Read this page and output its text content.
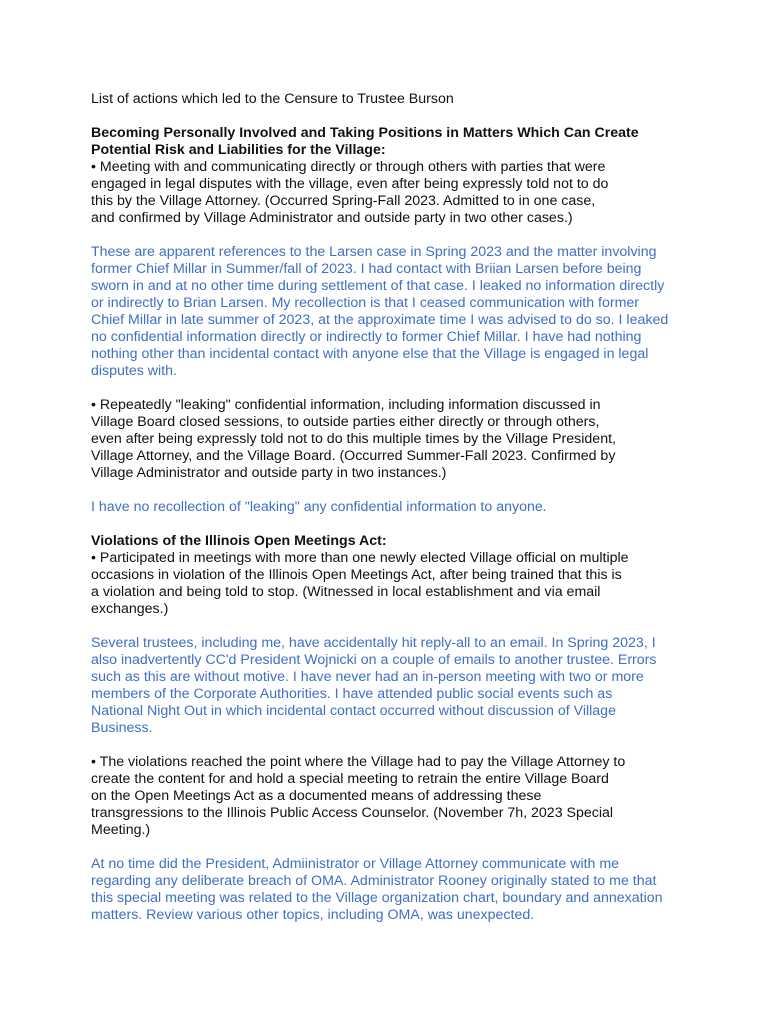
List of actions which led to the Censure to Trustee Burson
Becoming Personally Involved and Taking Positions in Matters Which Can Create
Potential Risk and Liabilities for the Village:
• Meeting with and communicating directly or through others with parties that were
engaged in legal disputes with the village, even after being expressly told not to do
this by the Village Attorney. (Occurred Spring-Fall 2023. Admitted to in one case,
and confirmed by Village Administrator and outside party in two other cases.)
These are apparent references to the Larsen case in Spring 2023 and the matter involving
former Chief Millar in Summer/fall of 2023. I had contact with Briian Larsen before being
sworn in and at no other time during settlement of that case. I leaked no information directly
or indirectly to Brian Larsen. My recollection is that I ceased communication with former
Chief Millar in late summer of 2023, at the approximate time I was advised to do so. I leaked
no confidential information directly or indirectly to former Chief Millar. I have had nothing
nothing other than incidental contact with anyone else that the Village is engaged in legal
disputes with.
• Repeatedly "leaking" confidential information, including information discussed in
Village Board closed sessions, to outside parties either directly or through others,
even after being expressly told not to do this multiple times by the Village President,
Village Attorney, and the Village Board. (Occurred Summer-Fall 2023. Confirmed by
Village Administrator and outside party in two instances.)
I have no recollection of "leaking" any confidential information to anyone.
Violations of the Illinois Open Meetings Act:
• Participated in meetings with more than one newly elected Village official on multiple
occasions in violation of the Illinois Open Meetings Act, after being trained that this is
a violation and being told to stop. (Witnessed in local establishment and via email
exchanges.)
Several trustees, including me, have accidentally hit reply-all to an email. In Spring 2023, I
also inadvertently CC'd President Wojnicki on a couple of emails to another trustee. Errors
such as this are without motive. I have never had an in-person meeting with two or more
members of the Corporate Authorities. I have attended public social events such as
National Night Out in which incidental contact occurred without discussion of Village
Business.
• The violations reached the point where the Village had to pay the Village Attorney to
create the content for and hold a special meeting to retrain the entire Village Board
on the Open Meetings Act as a documented means of addressing these
transgressions to the Illinois Public Access Counselor. (November 7h, 2023 Special
Meeting.)
At no time did the President, Admiinistrator or Village Attorney communicate with me
regarding any deliberate breach of OMA. Administrator Rooney originally stated to me that
this special meeting was related to the Village organization chart, boundary and annexation
matters. Review various other topics, including OMA, was unexpected.
